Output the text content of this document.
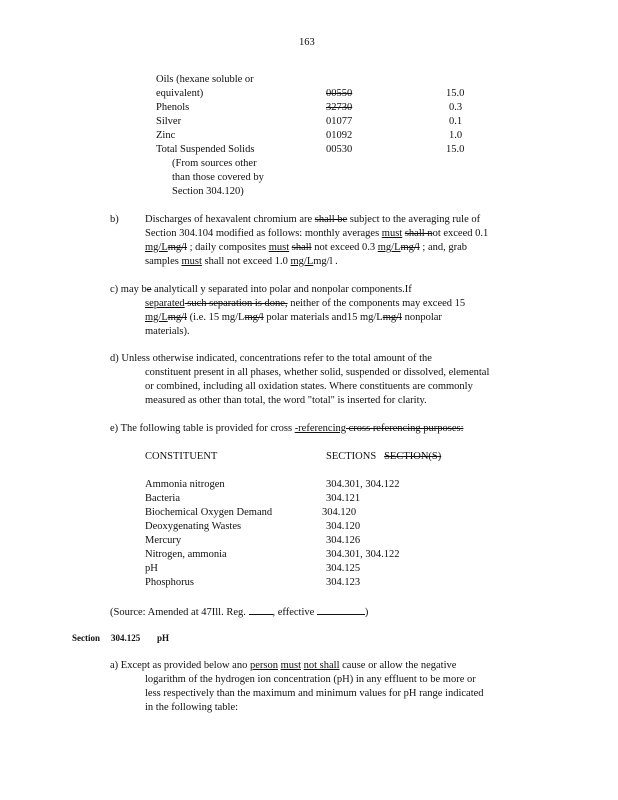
163
Oils (hexane soluble or
equivalent)	00550	15.0
Phenols	32730	0.3
Silver	01077	0.1
Zinc	01092	1.0
Total Suspended Solids	00530	15.0
(From sources other
than those covered by
Section 304.120)
b)	Discharges of hexavalent chromium are shall be subject to the averaging rule of
Section 304.104 modified as follows: monthly averages must shall not exceed 0.1
mg/Lmg/l ; daily composites must shall not exceed 0.3 mg/Lmg/l ; and, grab
samples must shall not exceed 1.0 mg/Lmg/l .
c) may be analyticall y separated into polar and nonpolar components.If
separated such separation is done, neither of the components may exceed 15
mg/Lmg/l (i.e. 15 mg/Lmg/l polar materials and15 mg/Lmg/l nonpolar
materials).
d) Unless otherwise indicated, concentrations refer to the total amount of the
constituent present in all phases, whether solid, suspended or dissolved, elemental
or combined, including all oxidation states. Where constituents are commonly
measured as other than total, the word "total" is inserted for clarity.
e) The following table is provided for cross -referencing cross referencing purposes:
CONSTITUENT	SECTIONS SECTION(S)
Ammonia nitrogen	304.301, 304.122
Bacteria	304.121
Biochemical Oxygen Demand	304.120
Deoxygenating Wastes	304.120
Mercury	304.126
Nitrogen, ammonia	304.301, 304.122
pH	304.125
Phosphorus	304.123
(Source: Amended at 47Ill. Reg. , effective	)
Section 304.125 pH
a) Except as provided below ano person must not shall cause or allow the negative
logarithm of the hydrogen ion concentration (pH) in any effluent to be more or
less respectively than the maximum and minimum values for pH range indicated
in the following table:
